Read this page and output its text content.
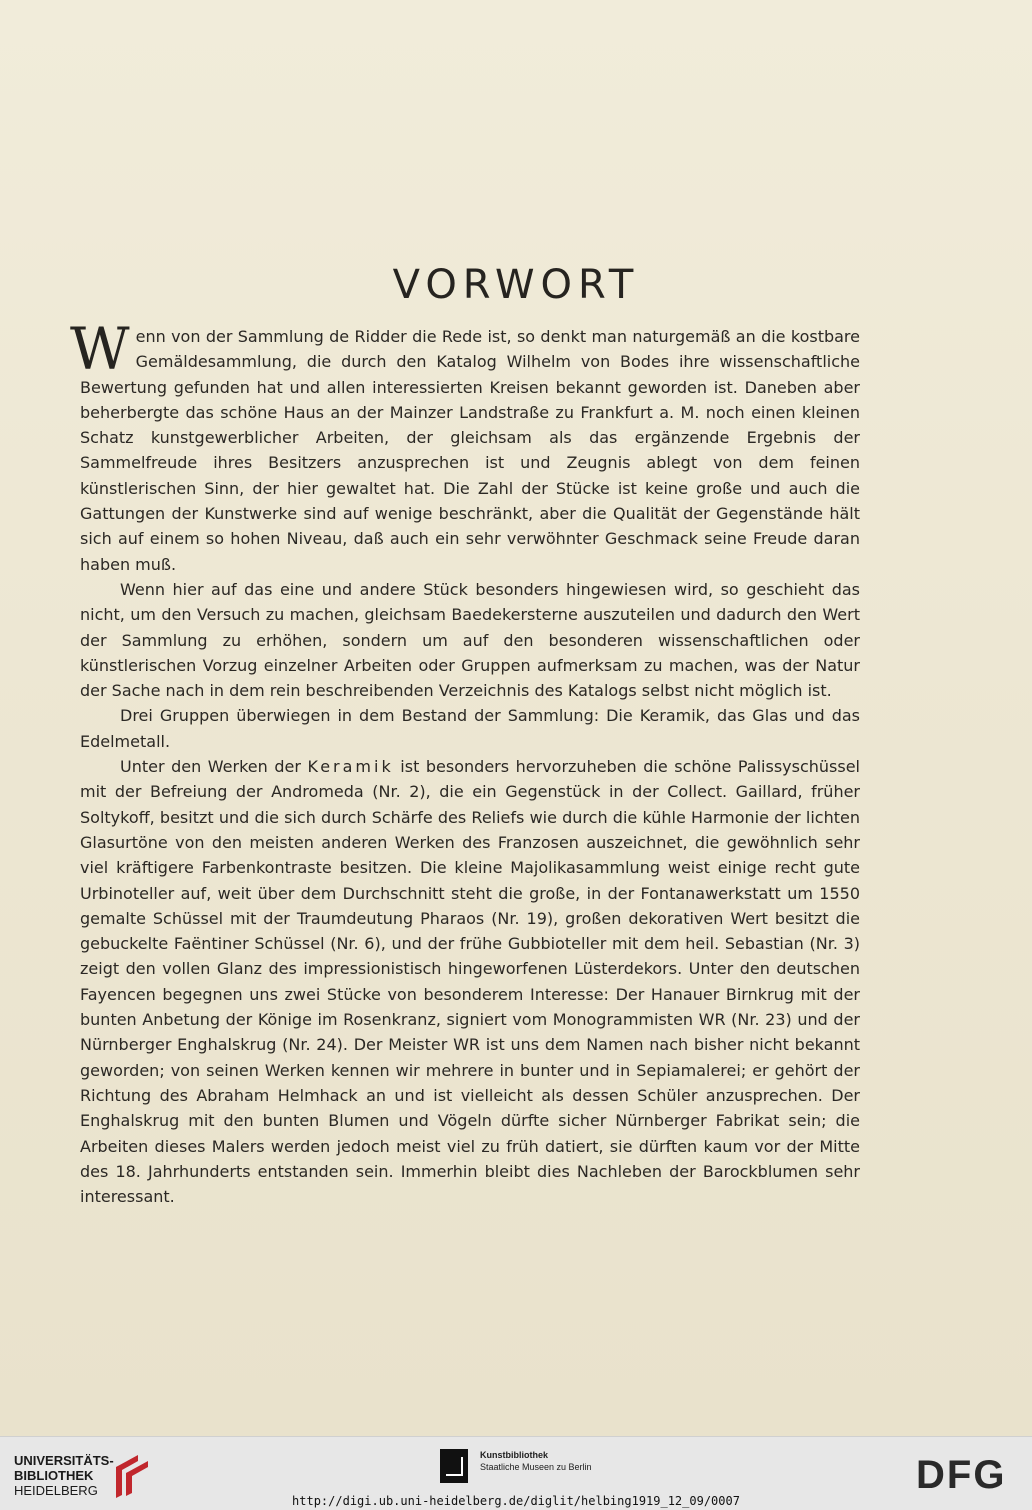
VORWORT

Wenn von der Sammlung de Ridder die Rede ist, so denkt man naturgemäß an die kostbare Gemäldesammlung, die durch den Katalog Wilhelm von Bodes ihre wissenschaftliche Bewertung gefunden hat und allen interessierten Kreisen bekannt geworden ist. Daneben aber beherbergte das schöne Haus an der Mainzer Landstraße zu Frankfurt a. M. noch einen kleinen Schatz kunstgewerblicher Arbeiten, der gleichsam als das ergänzende Ergebnis der Sammelfreude ihres Besitzers anzusprechen ist und Zeugnis ablegt von dem feinen künstlerischen Sinn, der hier gewaltet hat. Die Zahl der Stücke ist keine große und auch die Gattungen der Kunstwerke sind auf wenige beschränkt, aber die Qualität der Gegenstände hält sich auf einem so hohen Niveau, daß auch ein sehr verwöhnter Geschmack seine Freude daran haben muß.

Wenn hier auf das eine und andere Stück besonders hingewiesen wird, so geschieht das nicht, um den Versuch zu machen, gleichsam Baedekersterne auszuteilen und dadurch den Wert der Sammlung zu erhöhen, sondern um auf den besonderen wissenschaftlichen oder künstlerischen Vorzug einzelner Arbeiten oder Gruppen aufmerksam zu machen, was der Natur der Sache nach in dem rein beschreibenden Verzeichnis des Katalogs selbst nicht möglich ist.

Drei Gruppen überwiegen in dem Bestand der Sammlung: Die Keramik, das Glas und das Edelmetall.

Unter den Werken der Keramik ist besonders hervorzuheben die schöne Palissyschüssel mit der Befreiung der Andromeda (Nr. 2), die ein Gegenstück in der Collect. Gaillard, früher Soltykoff, besitzt und die sich durch Schärfe des Reliefs wie durch die kühle Harmonie der lichten Glasurtöne von den meisten anderen Werken des Franzosen auszeichnet, die gewöhnlich sehr viel kräftigere Farbenkontraste besitzen. Die kleine Majolikasammlung weist einige recht gute Urbinoteller auf, weit über dem Durchschnitt steht die große, in der Fontanawerkstatt um 1550 gemalte Schüssel mit der Traumdeutung Pharaos (Nr. 19), großen dekorativen Wert besitzt die gebuckelte Faëntiner Schüssel (Nr. 6), und der frühe Gubbioteller mit dem heil. Sebastian (Nr. 3) zeigt den vollen Glanz des impressionistisch hingeworfenen Lüsterdekors. Unter den deutschen Fayencen begegnen uns zwei Stücke von besonderem Interesse: Der Hanauer Birnkrug mit der bunten Anbetung der Könige im Rosenkranz, signiert vom Monogrammisten WR (Nr. 23) und der Nürnberger Enghalskrug (Nr. 24). Der Meister WR ist uns dem Namen nach bisher nicht bekannt geworden; von seinen Werken kennen wir mehrere in bunter und in Sepiamalerei; er gehört der Richtung des Abraham Helmhack an und ist vielleicht als dessen Schüler anzusprechen. Der Enghalskrug mit den bunten Blumen und Vögeln dürfte sicher Nürnberger Fabrikat sein; die Arbeiten dieses Malers werden jedoch meist viel zu früh datiert, sie dürften kaum vor der Mitte des 18. Jahrhunderts entstanden sein. Immerhin bleibt dies Nachleben der Barockblumen sehr interessant.

UNIVERSITÄTS-
BIBLIOTHEK
HEIDELBERG
Kunstbibliothek
Staatliche Museen zu Berlin	DFG
http://digi.ub.uni-heidelberg.de/diglit/helbing1919_12_09/0007
